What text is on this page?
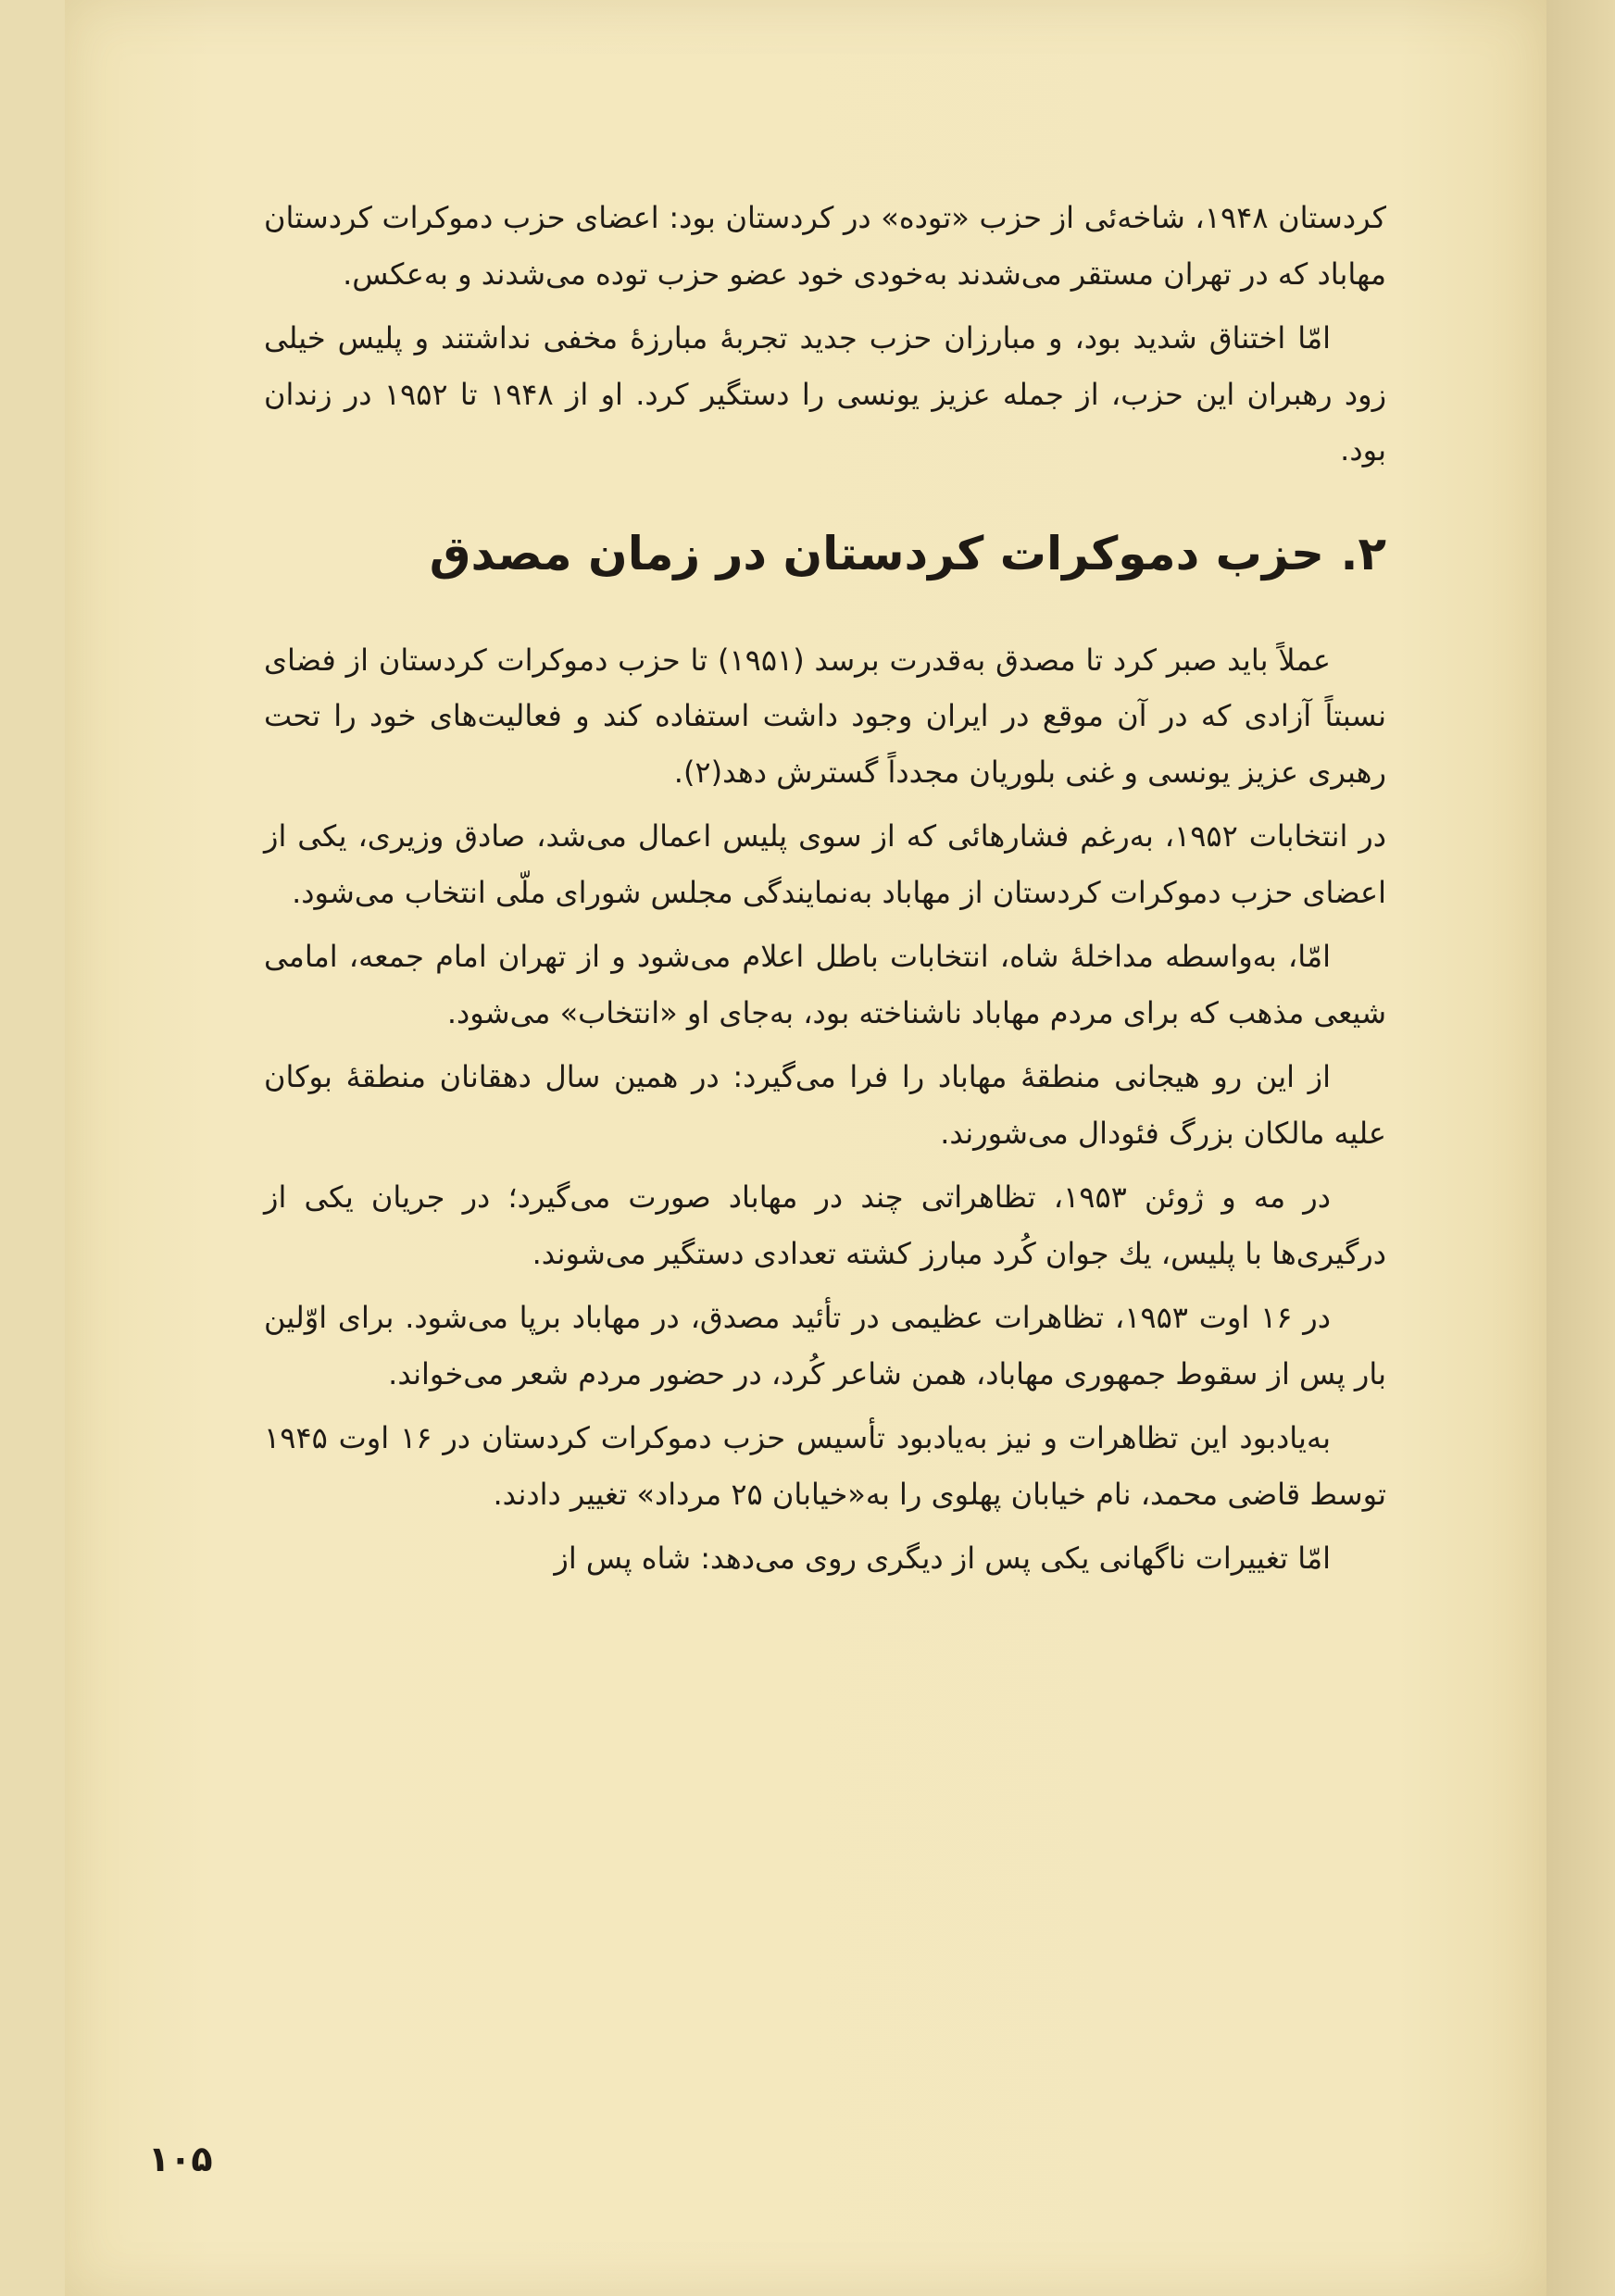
کردستان ۱۹۴۸، شاخه‌ئی از حزب «توده» در کردستان بود: اعضای حزب دموکرات کردستان مهاباد که در تهران مستقر می‌شدند به‌خودی خود عضو حزب توده می‌شدند و به‌عکس.

امّا اختناق شدید بود، و مبارزان حزب جدید تجربهٔ مبارزهٔ مخفی نداشتند و پلیس خیلی زود رهبران این حزب، از جمله عزیز یونسی را دستگیر کرد. او از ۱۹۴۸ تا ۱۹۵۲ در زندان بود.

۲. حزب دموکرات کردستان در زمان مصدق

عملاً باید صبر کرد تا مصدق به‌قدرت برسد (۱۹۵۱) تا حزب دموکرات کردستان از فضای نسبتاً آزادی که در آن موقع در ایران وجود داشت استفاده کند و فعالیت‌های خود را تحت رهبری عزیز یونسی و غنی بلوریان مجدداً گسترش دهد(۲).

در انتخابات ۱۹۵۲، به‌رغم فشارهائی که از سوی پلیس اعمال می‌شد، صادق وزیری، یکی از اعضای حزب دموکرات کردستان از مهاباد به‌نمایندگی مجلس شورای ملّی انتخاب می‌شود.

امّا، به‌واسطه مداخلهٔ شاه، انتخابات باطل اعلام می‌شود و از تهران امام جمعه، امامی شیعی مذهب که برای مردم مهاباد ناشناخته بود، به‌جای او «انتخاب» می‌شود.

از این رو هیجانی منطقهٔ مهاباد را فرا می‌گیرد: در همین سال دهقانان منطقهٔ بوکان علیه مالکان بزرگ فئودال می‌شورند.

در مه و ژوئن ۱۹۵۳، تظاهراتی چند در مهاباد صورت می‌گیرد؛ در جریان یکی از درگیری‌ها با پلیس، یك جوان کُرد مبارز کشته تعدادی دستگیر می‌شوند.

در ۱۶ اوت ۱۹۵۳، تظاهرات عظیمی در تأئید مصدق، در مهاباد برپا می‌شود. برای اوّلین بار پس از سقوط جمهوری مهاباد، همن شاعر کُرد، در حضور مردم شعر می‌خواند.

به‌یادبود این تظاهرات و نیز به‌یادبود تأسیس حزب دموکرات کردستان در ۱۶ اوت ۱۹۴۵ توسط قاضی محمد، نام خیابان پهلوی را به«خیابان ۲۵ مرداد» تغییر دادند.

امّا تغییرات ناگهانی یکی پس از دیگری روی می‌دهد: شاه پس از

۱۰۵
